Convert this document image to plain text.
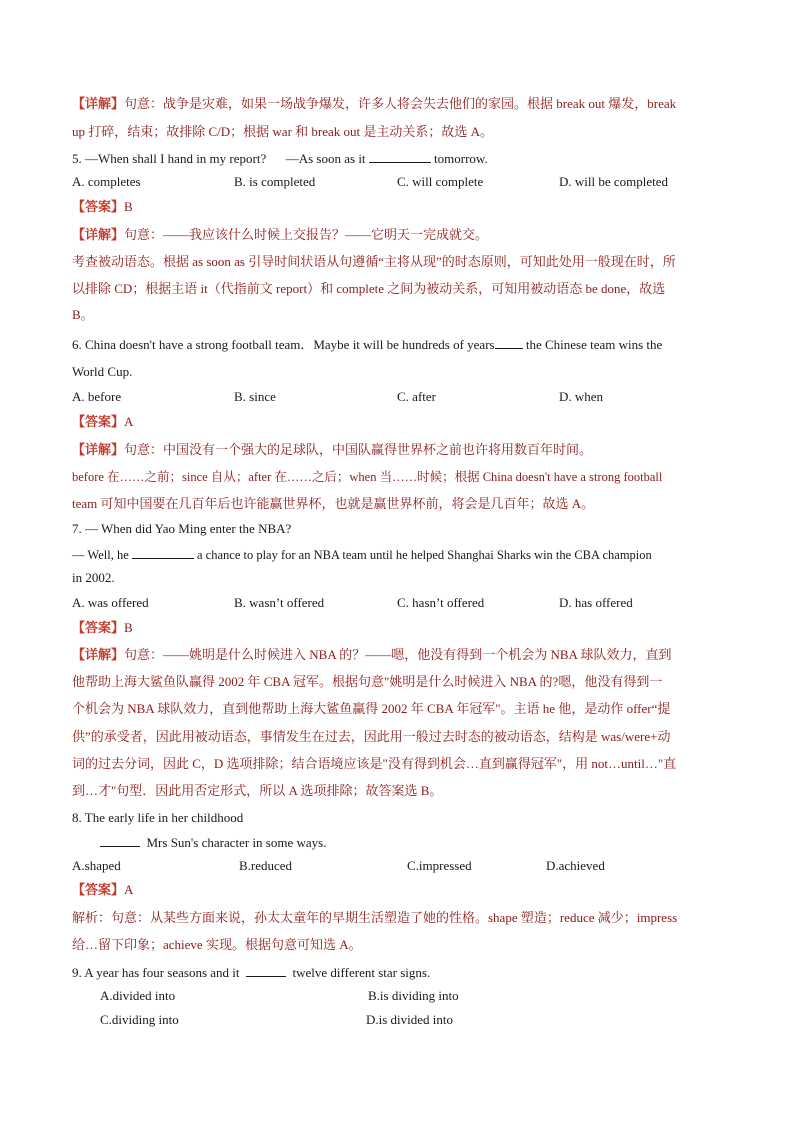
【详解】句意：战争是灾难，如果一场战争爆发，许多人将会失去他们的家园。根据 break out 爆发，break
up 打碎，结束；故排除 C/D；根据 war 和 break out 是主动关系；故选 A。
5. —When shall I hand in my report? —As soon as it	tomorrow.
A. completes	B. is completed	C. will complete	D. will be completed
【答案】B
【详解】句意：——我应该什么时候上交报告？——它明天一完成就交。
考查被动语态。根据 as soon as 引导时间状语从句遵循“主将从现”的时态原则，可知此处用一般现在时，所
以排除 CD；根据主语 it（代指前文 report）和 complete 之间为被动关系，可知用被动语态 be done，故选
B。
6. China doesn't have a strong football team．Maybe it will be hundreds of years the Chinese team wins the
World Cup.
A. before	B. since	C. after	D. when
【答案】A
【详解】句意：中国没有一个强大的足球队，中国队赢得世界杯之前也许将用数百年时间。
before 在……之前；since 自从；after 在……之后；when 当……时候；根据 China doesn't have a strong football
team 可知中国要在几百年后也许能赢世界杯，也就是赢世界杯前，将会是几百年；故选 A。
7. — When did Yao Ming enter the NBA?
— Well, he	a chance to play for an NBA team until he helped Shanghai Sharks win the CBA champion
in 2002.
A. was offered	B. wasn’t offered	C. hasn’t offered	D. has offered
【答案】B
【详解】句意：——姚明是什么时候进入 NBA 的？——嗯，他没有得到一个机会为 NBA 球队效力，直到
他帮助上海大鲨鱼队赢得 2002 年 CBA 冠军。根据句意"姚明是什么时候进入 NBA 的?嗯，他没有得到一
个机会为 NBA 球队效力，直到他帮助上海大鲨鱼赢得 2002 年 CBA 年冠军"。主语 he 他，是动作 offer“提
供”的承受者，因此用被动语态，事情发生在过去，因此用一般过去时态的被动语态，结构是 was/were+动
词的过去分词，因此 C，D 选项排除；结合语境应该是"没有得到机会…直到赢得冠军"，用 not…until…"直
到…才"句型．因此用否定形式，所以 A 选项排除；故答案选 B。
8. The early life in her childhood
Mrs Sun's character in some ways.
A.shaped	B.reduced	C.impressed	D.achieved
【答案】A
解析：句意：从某些方面来说，孙太太童年的早期生活塑造了她的性格。shape 塑造；reduce 减少；impress
给…留下印象；achieve 实现。根据句意可知选 A。
9. A year has four seasons and it	twelve different star signs.
A.divided into	B.is dividing into
C.dividing into	D.is divided into
